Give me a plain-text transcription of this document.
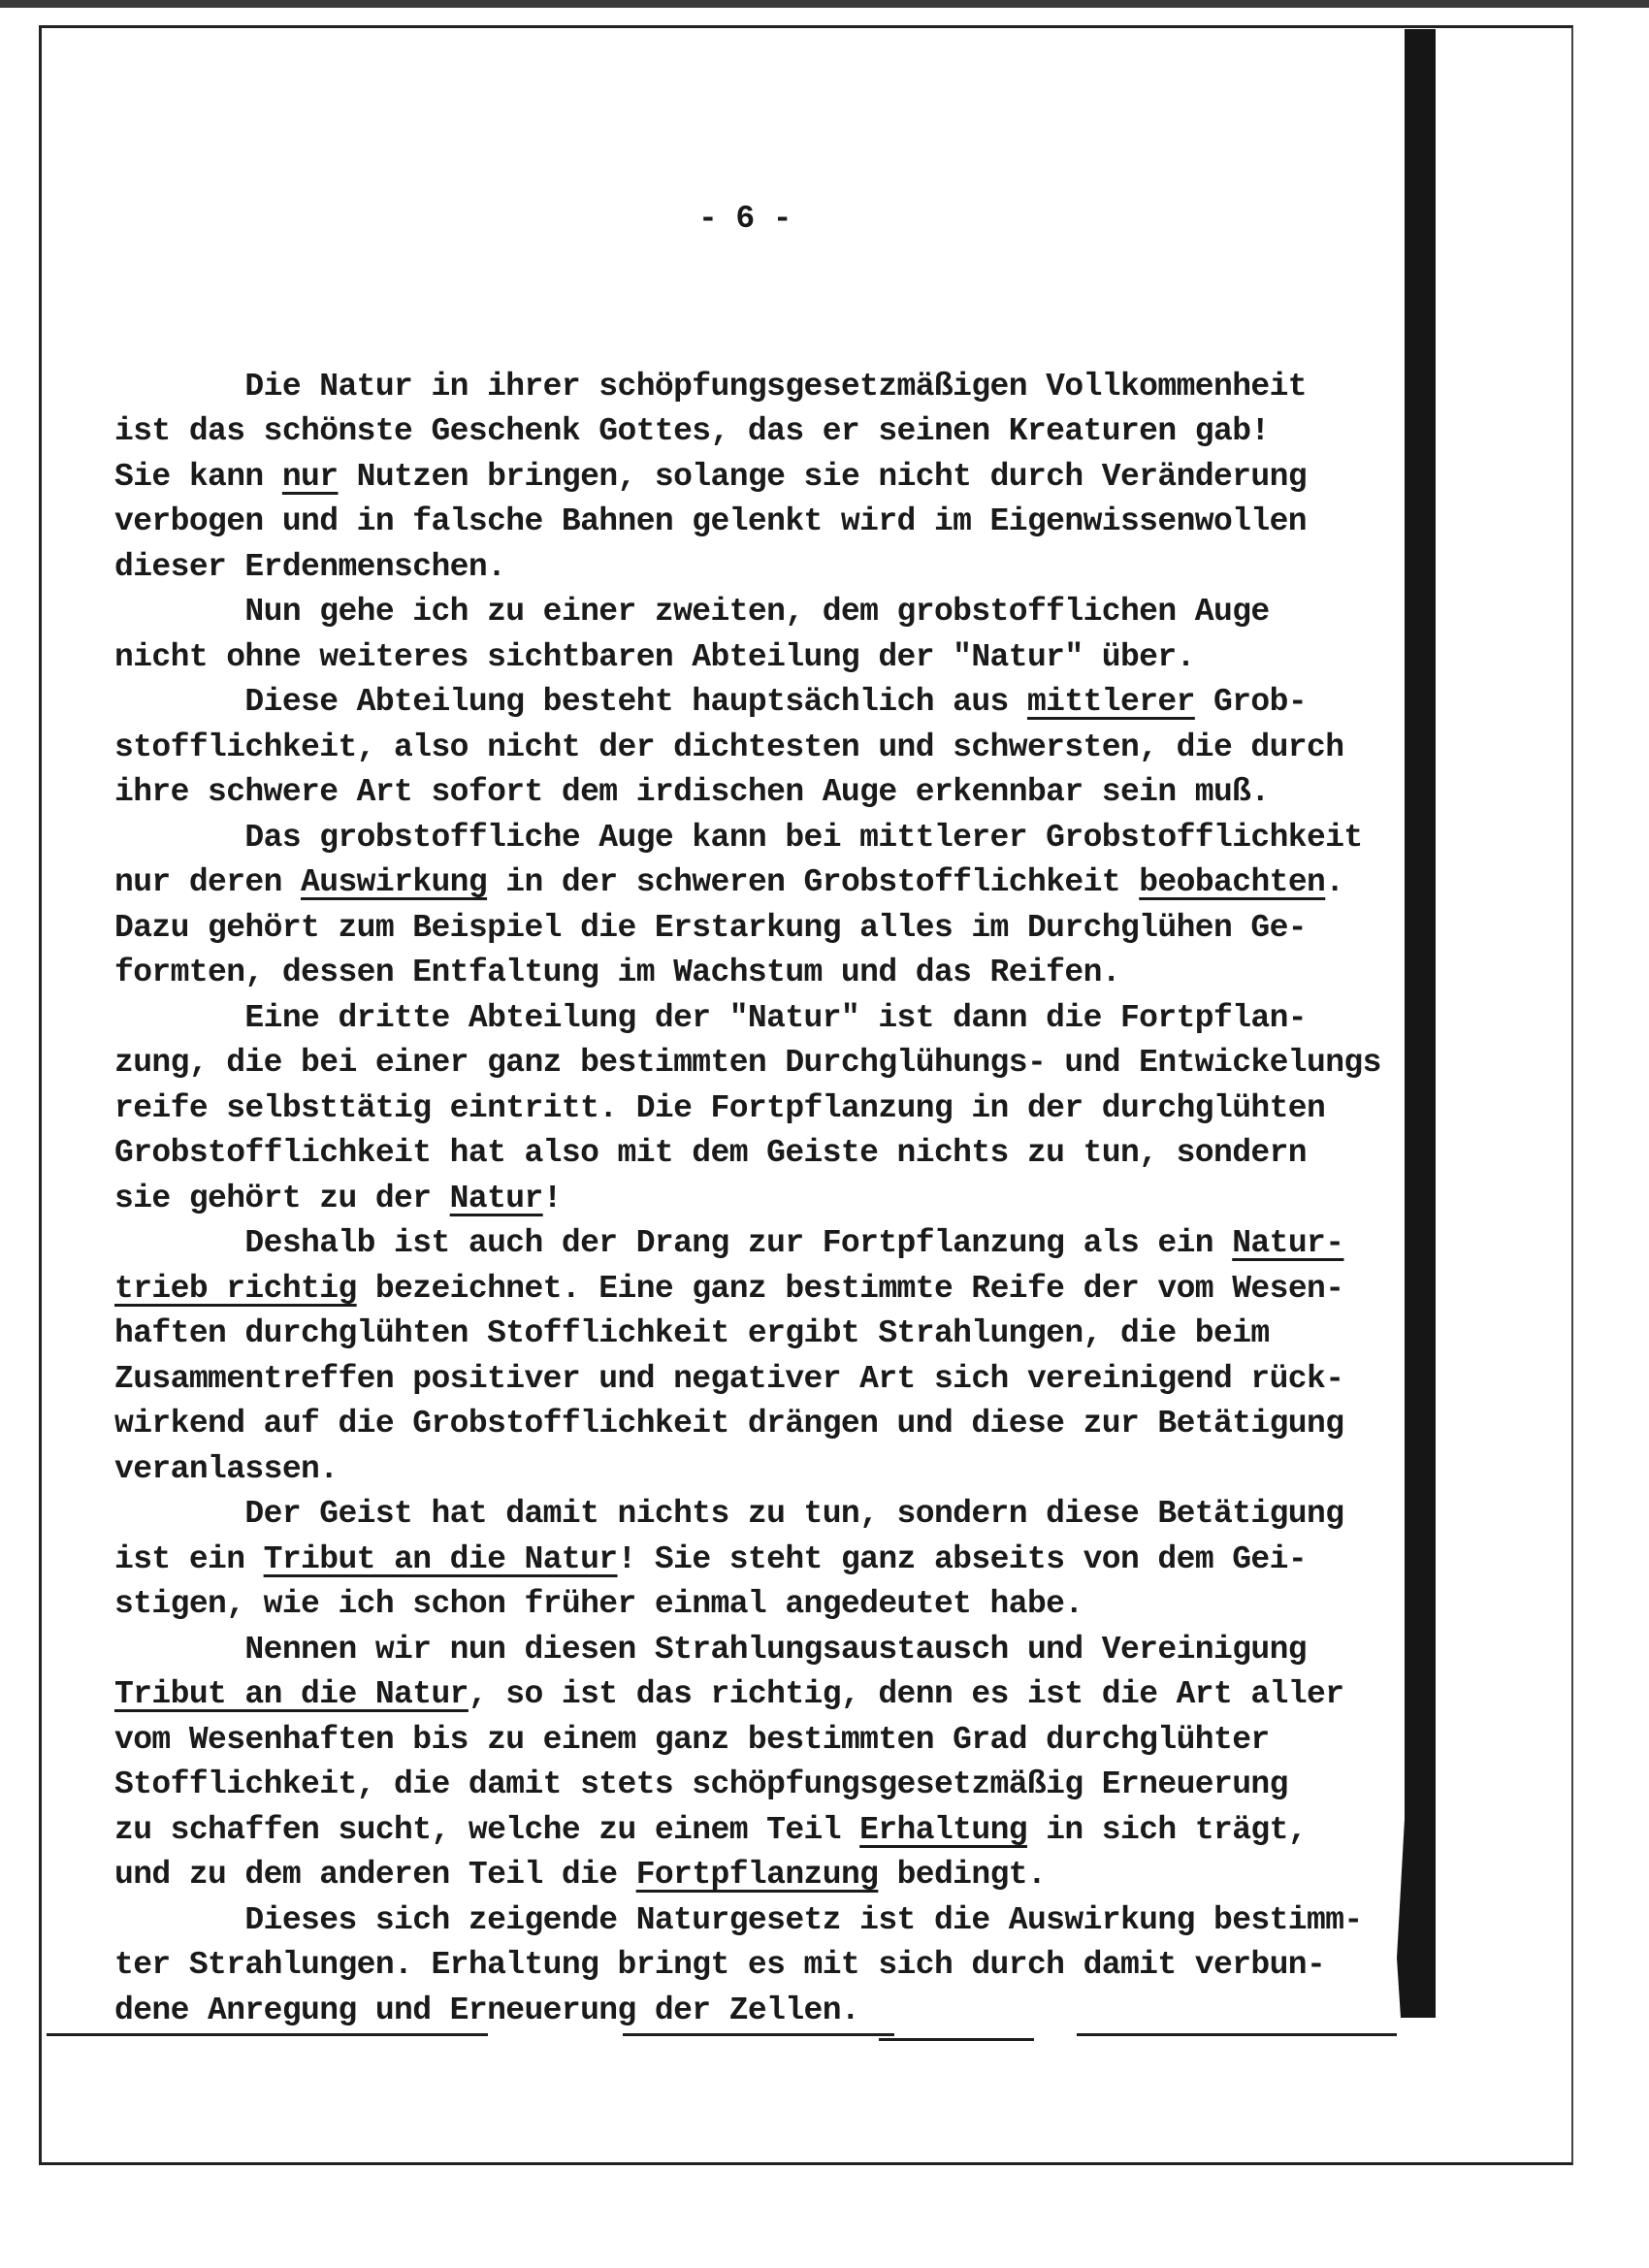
- 6 -

Die Natur in ihrer schöpfungsgesetzmäßigen Vollkommenheit
ist das schönste Geschenk Gottes, das er seinen Kreaturen gab!
Sie kann nur Nutzen bringen, solange sie nicht durch Veränderung
verbogen und in falsche Bahnen gelenkt wird im Eigenwissenwollen
dieser Erdenmenschen.
Nun gehe ich zu einer zweiten, dem grobstofflichen Auge
nicht ohne weiteres sichtbaren Abteilung der "Natur" über.
Diese Abteilung besteht hauptsächlich aus mittlerer Grob-
stofflichkeit, also nicht der dichtesten und schwersten, die durch
ihre schwere Art sofort dem irdischen Auge erkennbar sein muß.
Das grobstoffliche Auge kann bei mittlerer Grobstofflichkeit
nur deren Auswirkung in der schweren Grobstofflichkeit beobachten.
Dazu gehört zum Beispiel die Erstarkung alles im Durchglühen Ge-
formten, dessen Entfaltung im Wachstum und das Reifen.
Eine dritte Abteilung der "Natur" ist dann die Fortpflan-
zung, die bei einer ganz bestimmten Durchglühungs- und Entwickelungs
reife selbsttätig eintritt. Die Fortpflanzung in der durchglühten
Grobstofflichkeit hat also mit dem Geiste nichts zu tun, sondern
sie gehört zu der Natur!
Deshalb ist auch der Drang zur Fortpflanzung als ein Natur-
trieb richtig bezeichnet. Eine ganz bestimmte Reife der vom Wesen-
haften durchglühten Stofflichkeit ergibt Strahlungen, die beim
Zusammentreffen positiver und negativer Art sich vereinigend rück-
wirkend auf die Grobstofflichkeit drängen und diese zur Betätigung
veranlassen.
Der Geist hat damit nichts zu tun, sondern diese Betätigung
ist ein Tribut an die Natur! Sie steht ganz abseits von dem Gei-
stigen, wie ich schon früher einmal angedeutet habe.
Nennen wir nun diesen Strahlungsaustausch und Vereinigung
Tribut an die Natur, so ist das richtig, denn es ist die Art aller
vom Wesenhaften bis zu einem ganz bestimmten Grad durchglühter
Stofflichkeit, die damit stets schöpfungsgesetzmäßig Erneuerung
zu schaffen sucht, welche zu einem Teil Erhaltung in sich trägt,
und zu dem anderen Teil die Fortpflanzung bedingt.
Dieses sich zeigende Naturgesetz ist die Auswirkung bestimm-
ter Strahlungen. Erhaltung bringt es mit sich durch damit verbun-
dene Anregung und Erneuerung der Zellen.
